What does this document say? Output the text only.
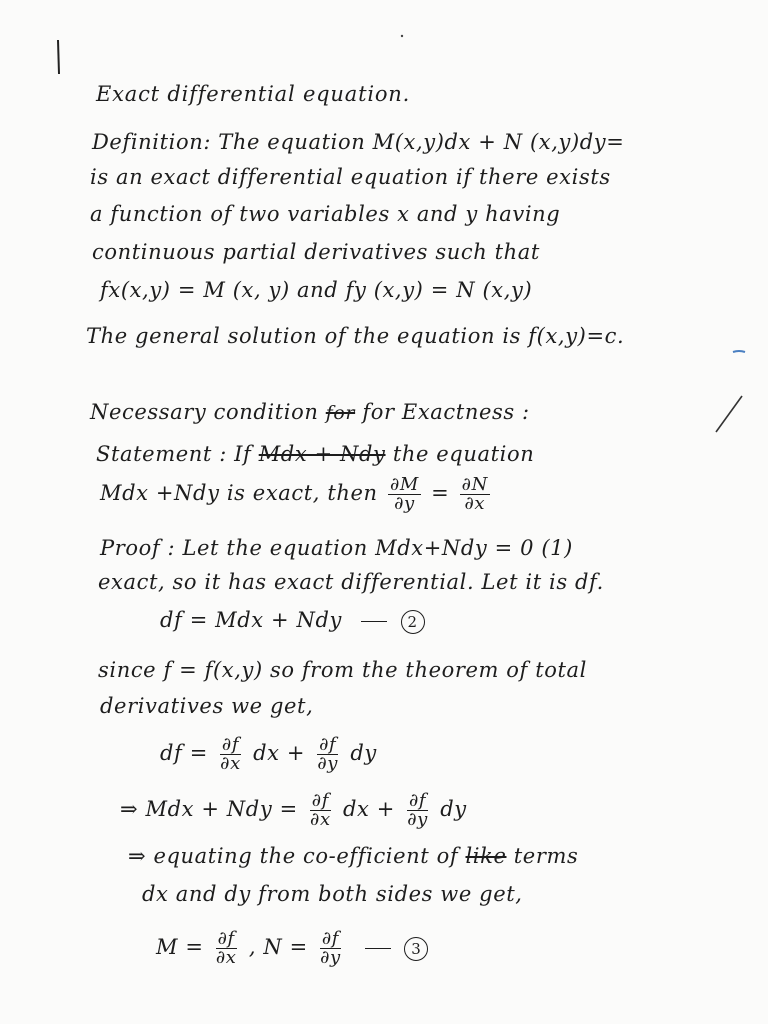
Exact differential equation.
Definition: The equation M(x,y)dx + N (x,y)dy=
is an exact differential equation if there exists
a function of two variables x and y having
continuous partial derivatives such that
fx(x,y) = M (x, y) and fy (x,y) = N (x,y)
The general solution of the equation is f(x,y)=c.
Necessary condition for for Exactness :
Statement : If Mdx + Ndy the equation
Mdx +Ndy is exact, then $\frac{\partial M}{\partial y} = \frac{\partial N}{\partial x}$
Proof : Let the equation Mdx+Ndy = 0 (1)
exact, so it has exact differential. Let it is df.
df = Mdx + Ndy	2
since f = f(x,y) so from the theorem of total
derivatives we get,
df = $\frac{\partial f}{\partial x}$ dx + $\frac{\partial f}{\partial y}$ dy
⇒ Mdx + Ndy = $\frac{\partial f}{\partial x}$ dx + $\frac{\partial f}{\partial y}$ dy
⇒ equating the co-efficient of like terms
dx and dy from both sides we get,
$M = \frac{\partial f}{\partial x}$ , $N = \frac{\partial f}{\partial y}$	3
